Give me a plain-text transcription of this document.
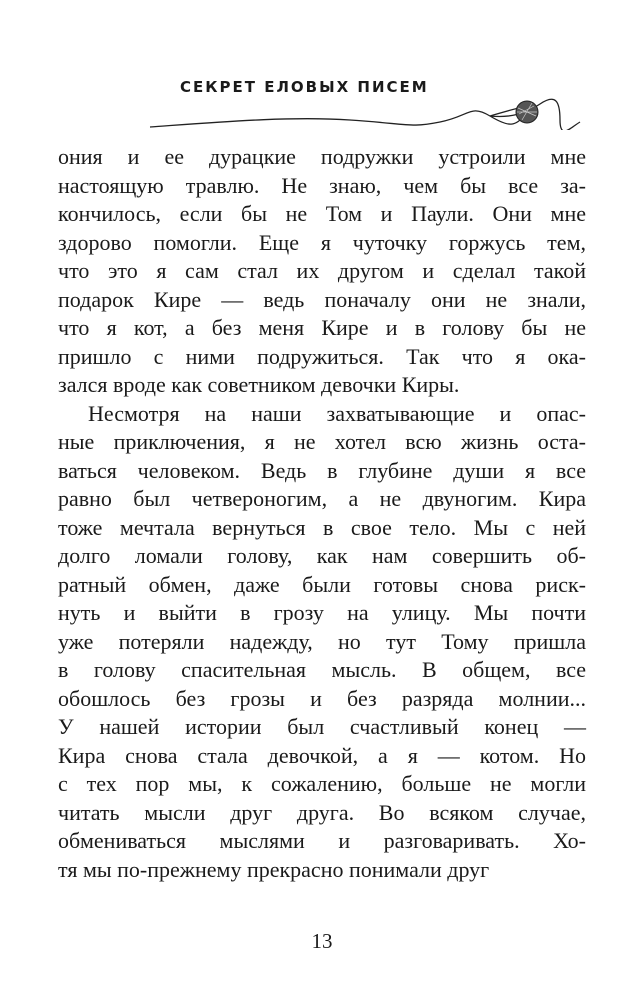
СЕКРЕТ ЕЛОВЫХ ПИСЕМ
ония и ее дурацкие подружки устроили мне
настоящую травлю. Не знаю, чем бы все за-
кончилось, если бы не Том и Паули. Они мне
здорово помогли. Еще я чуточку горжусь тем,
что это я сам стал их другом и сделал такой
подарок Кире — ведь поначалу они не знали,
что я кот, а без меня Кире и в голову бы не
пришло с ними подружиться. Так что я ока-
зался вроде как советником девочки Киры.
Несмотря на наши захватывающие и опас-
ные приключения, я не хотел всю жизнь оста-
ваться человеком. Ведь в глубине души я все
равно был четвероногим, а не двуногим. Кира
тоже мечтала вернуться в свое тело. Мы с ней
долго ломали голову, как нам совершить об-
ратный обмен, даже были готовы снова риск-
нуть и выйти в грозу на улицу. Мы почти
уже потеряли надежду, но тут Тому пришла
в голову спасительная мысль. В общем, все
обошлось без грозы и без разряда молнии...
У нашей истории был счастливый конец —
Кира снова стала девочкой, а я — котом. Но
с тех пор мы, к сожалению, больше не могли
читать мысли друг друга. Во всяком случае,
обмениваться мыслями и разговаривать. Хо-
тя мы по-прежнему прекрасно понимали друг
13
